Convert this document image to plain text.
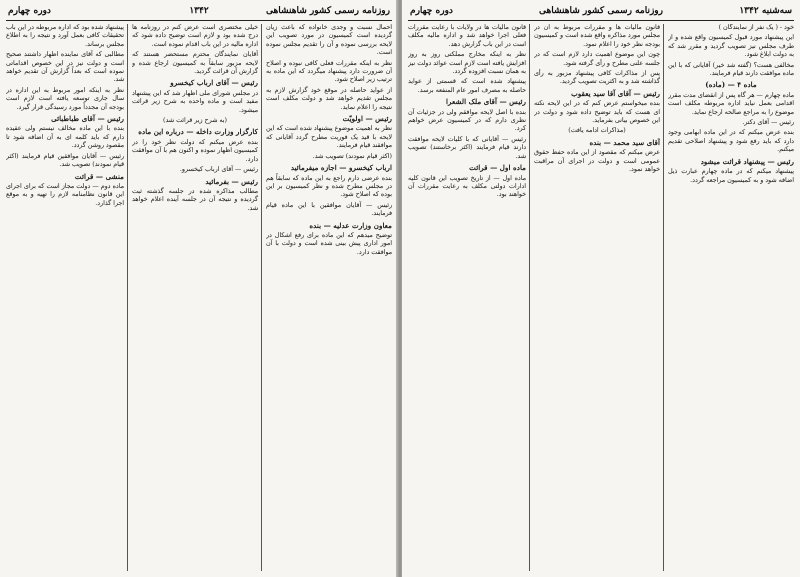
روزنامه رسمی کشور شاهنشاهی
۱۳۴۲
دوره چهارم

احمال نسبت و وجدی خانواده که باعث زیان گردیده است کمیسیون در مورد تصویب این لایحه بررسی نموده و آن را تقدیم مجلس نموده است.

نظر به اینکه مقررات فعلی کافی نبوده و اصلاح آن ضرورت دارد پیشنهاد میگردد که این ماده به ترتیب زیر اصلاح شود.

از عواید حاصله در موقع خود گزارش لازم به مجلس تقدیم خواهد شد و دولت مکلف است نتیجه را اعلام نماید.

رئیس — اولویّت

نظر به اهمیت موضوع پیشنهاد شده است که این لایحه با قید یک فوریت مطرح گردد آقایانی که موافقند قیام فرمایند.

(اکثر قیام نمودند) تصویب شد.

ارباب کیخسرو — اجازه میفرمائید

بنده عرضی دارم راجع به این ماده که سابقاً هم در مجلس مطرح شده و نظر کمیسیون بر این بوده که اصلاح شود.

رئیس — آقایان موافقین با این ماده قیام فرمایند.

معاون وزارت عدلیه — بنده

توضیح میدهم که این ماده برای رفع اشکال در امور اداری پیش بینی شده است و دولت با آن موافقت دارد.

خیلی مختصری است عرض کنم در روزنامه ها درج شده بود و لازم است توضیح داده شود که اداره مالیه در این باب اقدام نموده است.

آقایان نمایندگان محترم مستحضر هستند که لایحه مزبور سابقاً به کمیسیون ارجاع شده و گزارش آن قرائت گردید.

رئیس — آقای ارباب کیخسرو

در مجلس شورای ملی اظهار شد که این پیشنهاد مفید است و ماده واحده به شرح زیر قرائت میشود.

(به شرح زیر قرائت شد)

کارگزار وزارت داخله — درباره این ماده

بنده عرض میکنم که دولت نظر خود را در کمیسیون اظهار نموده و اکنون هم با آن موافقت دارد.

رئیس — آقای ارباب کیخسرو.

رئیس — بفرمائید

مطالب مذاکره شده در جلسه گذشته ثبت گردیده و نتیجه آن در جلسه آینده اعلام خواهد شد.

پیشنهاد شده بود که اداره مربوطه در این باب تحقیقات کافی بعمل آورد و نتیجه را به اطلاع مجلس برساند.

مطالبی که آقای نماینده اظهار داشتند صحیح است و دولت نیز در این خصوص اقداماتی نموده است که بعداً گزارش آن تقدیم خواهد شد.

نظر به اینکه امور مربوط به این اداره در سال جاری توسعه یافته است لازم است بودجه آن مجدداً مورد رسیدگی قرار گیرد.

رئیس — آقای طباطبائی

بنده با این ماده مخالف نیستم ولی عقیده دارم که باید کلمه ای به آن اضافه شود تا مقصود روشن گردد.

رئیس — آقایان موافقین قیام فرمایند (اکثر قیام نمودند) تصویب شد.

منشی — قرائت

ماده دوم — دولت مجاز است که برای اجرای این قانون نظامنامه لازم را تهیه و به موقع اجرا گذارد.

سه‌شنبه ۱۳۴۲
روزنامه رسمی کشور شاهنشاهی
دوره چهارم

خود - ( یک نفر از نمایندگان )

این پیشنهاد مورد قبول کمیسیون واقع شده و از طرف مجلس نیز تصویب گردید و مقرر شد که به دولت ابلاغ شود.

مخالفی هست؟ (گفته شد خیر) آقایانی که با این ماده موافقت دارند قیام فرمایند.

ماده ۴ — (ماده)

ماده چهارم — هر گاه پس از انقضای مدت مقرر اقدامی بعمل نیاید اداره مربوطه مکلف است موضوع را به مراجع صالحه ارجاع نماید.

رئیس — آقای دکتر.

بنده عرض میکنم که در این ماده ابهامی وجود دارد که باید رفع شود و پیشنهاد اصلاحی تقدیم میکنم.

رئیس — پیشنهاد قرائت میشود

پیشنهاد میکنم که در ماده چهارم عبارت ذیل اضافه شود و به کمیسیون مراجعه گردد.

قانون مالیات ها و مقررات مربوط به آن در مجلس مورد مذاکره واقع شده است و کمیسیون بودجه نظر خود را اعلام نمود.

چون این موضوع اهمیت دارد لازم است که در جلسه علنی مطرح و رأی گرفته شود.

پس از مذاکرات کافی پیشنهاد مزبور به رأی گذاشته شد و به اکثریت تصویب گردید.

رئیس — آقای آقا سید یعقوب

بنده میخواستم عرض کنم که در این لایحه نکته ای هست که باید توضیح داده شود و دولت در این خصوص بیانی بفرماید.

(مذاکرات ادامه یافت)

آقای سید محمد — بنده

عرض میکنم که مقصود از این ماده حفظ حقوق عمومی است و دولت در اجرای آن مراقبت خواهد نمود.

قانون مالیات ها در ولایات با رعایت مقررات فعلی اجرا خواهد شد و اداره مالیه مکلف است در این باب گزارش دهد.

نظر به اینکه مخارج مملکتی روز به روز افزایش یافته است لازم است عوائد دولت نیز به همان نسبت افزوده گردد.

پیشنهاد شده است که قسمتی از عواید حاصله به مصرف امور عام المنفعه برسد.

رئیس — آقای ملک الشعرا

بنده با اصل لایحه موافقم ولی در جزئیات آن نظری دارم که در کمیسیون عرض خواهم کرد.

رئیس — آقایانی که با کلیات لایحه موافقت دارند قیام فرمایند (اکثر برخاستند) تصویب شد.

ماده اول — قرائت

ماده اول — از تاریخ تصویب این قانون کلیه ادارات دولتی مکلف به رعایت مقررات آن خواهند بود.
